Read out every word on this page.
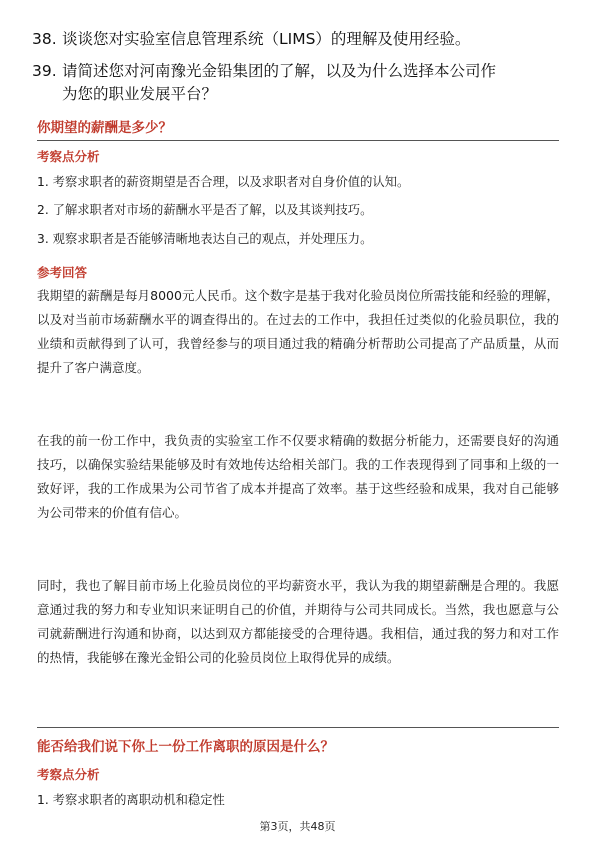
38. 谈谈您对实验室信息管理系统（LIMS）的理解及使用经验。
39. 请简述您对河南豫光金铅集团的了解，以及为什么选择本公司作
为您的职业发展平台？
你期望的薪酬是多少？
考察点分析
1. 考察求职者的薪资期望是否合理，以及求职者对自身价值的认知。
2. 了解求职者对市场的薪酬水平是否了解，以及其谈判技巧。
3. 观察求职者是否能够清晰地表达自己的观点，并处理压力。
参考回答
我期望的薪酬是每月8000元人民币。这个数字是基于我对化验员岗位所需技能和经验的理解，以及对当前市场薪酬水平的调查得出的。在过去的工作中，我担任过类似的化验员职位，我的业绩和贡献得到了认可，我曾经参与的项目通过我的精确分析帮助公司提高了产品质量，从而提升了客户满意度。
在我的前一份工作中，我负责的实验室工作不仅要求精确的数据分析能力，还需要良好的沟通技巧，以确保实验结果能够及时有效地传达给相关部门。我的工作表现得到了同事和上级的一致好评，我的工作成果为公司节省了成本并提高了效率。基于这些经验和成果，我对自己能够为公司带来的价值有信心。
同时，我也了解目前市场上化验员岗位的平均薪资水平，我认为我的期望薪酬是合理的。我愿意通过我的努力和专业知识来证明自己的价值，并期待与公司共同成长。当然，我也愿意与公司就薪酬进行沟通和协商，以达到双方都能接受的合理待遇。我相信，通过我的努力和对工作的热情，我能够在豫光金铅公司的化验员岗位上取得优异的成绩。
能否给我们说下你上一份工作离职的原因是什么？
考察点分析
1. 考察求职者的离职动机和稳定性
第3页，共48页
